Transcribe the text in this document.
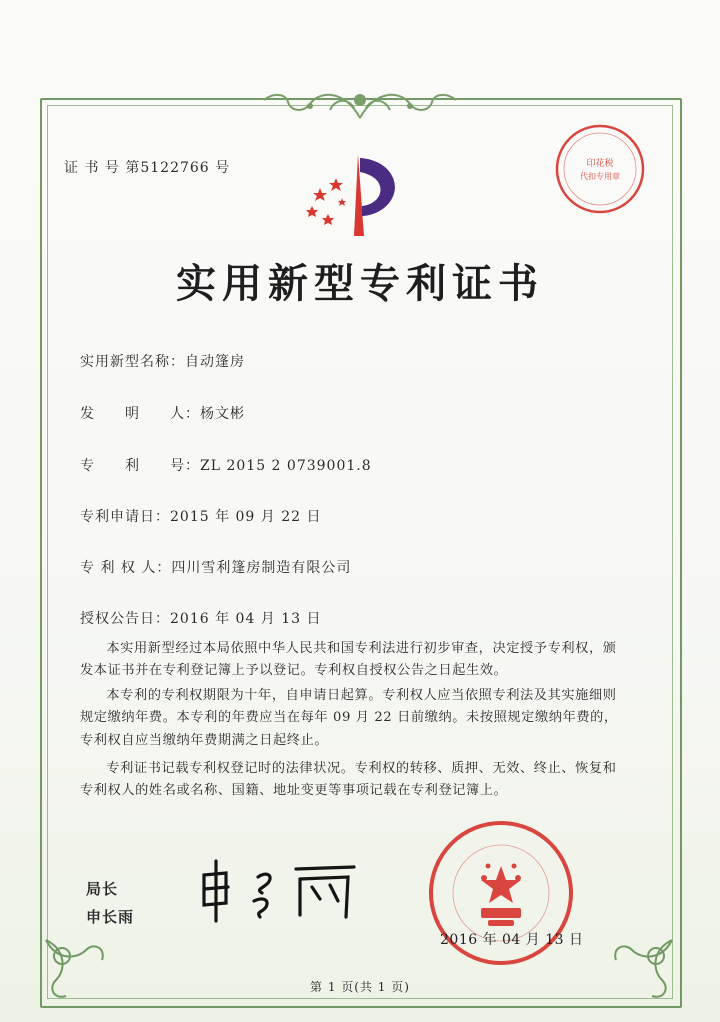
证 书 号 第5122766 号	印花税
代扣专用章
实用新型专利证书
实用新型名称：自动篷房
发　　明　　人：杨文彬
专　　利　　号：ZL 2015 2 0739001.8
专利申请日：2015 年 09 月 22 日
专 利 权 人：四川雪利篷房制造有限公司
授权公告日：2016 年 04 月 13 日

本实用新型经过本局依照中华人民共和国专利法进行初步审查，决定授予专利权，颁发本证书并在专利登记簿上予以登记。专利权自授权公告之日起生效。

本专利的专利权期限为十年，自申请日起算。专利权人应当依照专利法及其实施细则规定缴纳年费。本专利的年费应当在每年 09 月 22 日前缴纳。未按照规定缴纳年费的，专利权自应当缴纳年费期满之日起终止。

专利证书记载专利权登记时的法律状况。专利权的转移、质押、无效、终止、恢复和专利权人的姓名或名称、国籍、地址变更等事项记载在专利登记簿上。

局长
申长雨
2016 年 04 月 13 日
第 1 页(共 1 页)
